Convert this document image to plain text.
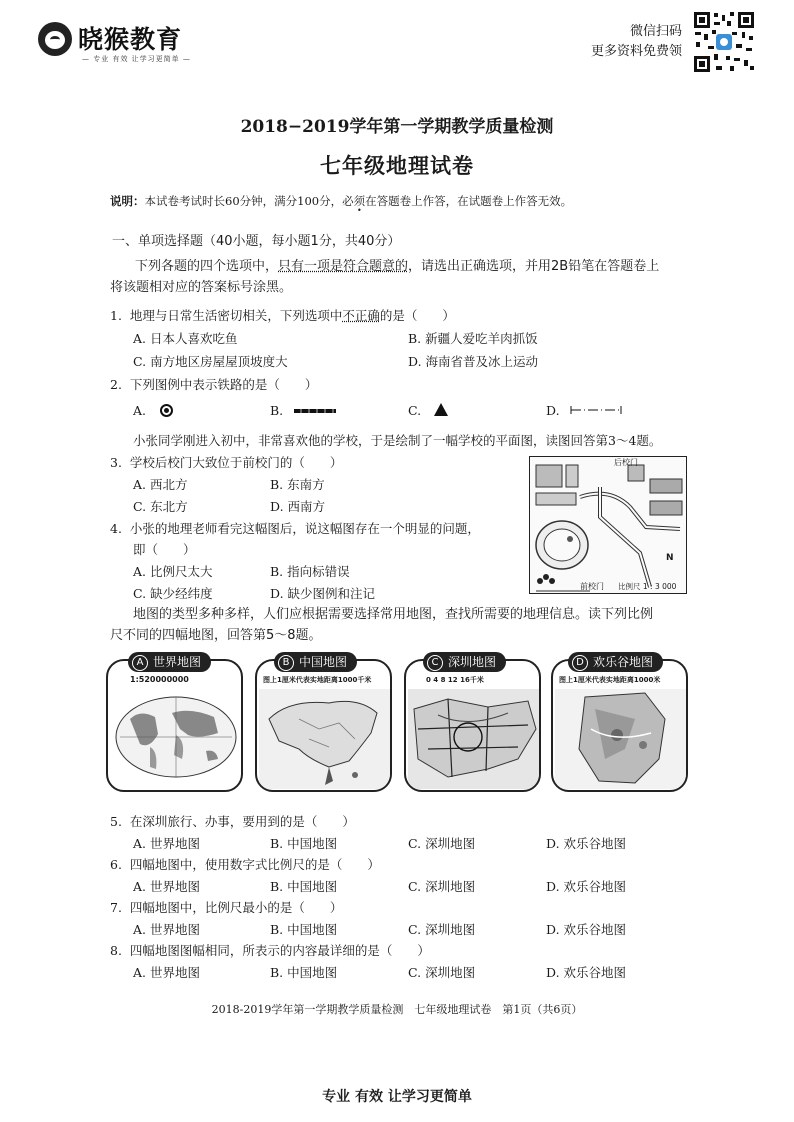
晓猴教育
— 专业 有效 让学习更简单 —
微信扫码
更多资料免费领
2018−2019学年第一学期教学质量检测
七年级地理试卷
说明：本试卷考试时长60分钟，满分100分，必须在答题卷上作答，在试题卷上作答无效。
一、单项选择题（40小题，每小题1分，共40分）
下列各题的四个选项中，只有一项是符合题意的，请选出正确选项，并用2B铅笔在答题卷上
将该题相对应的答案标号涂黑。
1. 地理与日常生活密切相关，下列选项中不正确的是（　　）
A. 日本人喜欢吃鱼	B. 新疆人爱吃羊肉抓饭
C. 南方地区房屋屋顶坡度大	D. 海南省普及冰上运动
2. 下列图例中表示铁路的是（　　）
A.	B.	C.	D.
小张同学刚进入初中，非常喜欢他的学校，于是绘制了一幅学校的平面图，读图回答第3～4题。
3. 学校后校门大致位于前校门的（　　）
A. 西北方	B. 东南方
C. 东北方	D. 西南方
4. 小张的地理老师看完这幅图后，说这幅图存在一个明显的问题，
即（　　）
A. 比例尺太大	B. 指向标错误
C. 缺少经纬度	D. 缺少图例和注记
后校门
前校门 比例尺 1 : 3 000
N
地图的类型多种多样，人们应根据需要选择常用地图，查找所需要的地理信息。读下列比例
尺不同的四幅地图，回答第5～8题。
1:520000000
A 世界地图
图上1厘米代表实地距离1000千米
B 中国地图
0 4 8 12 16千米
C 深圳地图
图上1厘米代表实地距离1000米
D 欢乐谷地图
5. 在深圳旅行、办事，要用到的是（　　）
A. 世界地图	B. 中国地图	C. 深圳地图	D. 欢乐谷地图
6. 四幅地图中，使用数字式比例尺的是（　　）
A. 世界地图	B. 中国地图	C. 深圳地图	D. 欢乐谷地图
7. 四幅地图中，比例尺最小的是（　　）
A. 世界地图	B. 中国地图	C. 深圳地图	D. 欢乐谷地图
8. 四幅地图图幅相同，所表示的内容最详细的是（　　）
A. 世界地图	B. 中国地图	C. 深圳地图	D. 欢乐谷地图
2018-2019学年第一学期教学质量检测　七年级地理试卷　第1页（共6页）
专业 有效 让学习更简单
